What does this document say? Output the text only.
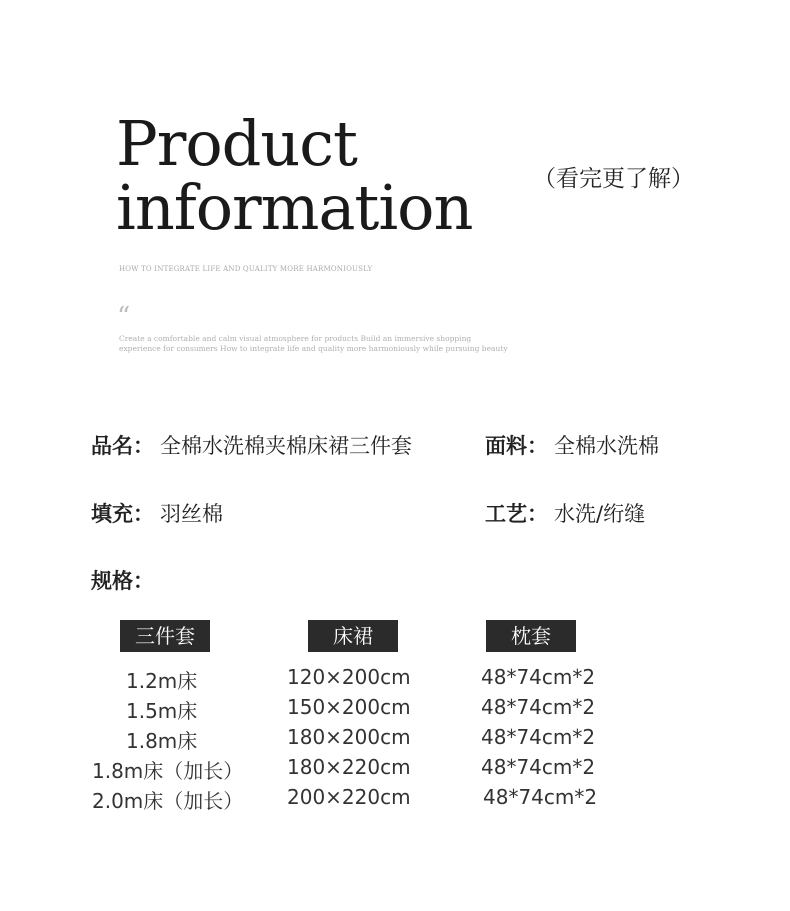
Product
information	（看完更了解）
HOW TO INTEGRATE LIFE AND QUALITY MORE HARMONIOUSLY
“
Create a comfortable and calm visual atmosphere for products Build an immersive shopping experience for consumers How to integrate life and quality more harmoniously while pursuing beauty
品名： 全棉水洗棉夹棉床裙三件套	面料： 全棉水洗棉
填充： 羽丝棉	工艺： 水洗/绗缝
规格：
三件套	床裙	枕套
1.2m床	120×200cm	48*74cm*2
1.5m床	150×200cm	48*74cm*2
1.8m床	180×200cm	48*74cm*2
1.8m床（加长） 180×220cm	48*74cm*2
2.0m床（加长） 200×220cm	48*74cm*2
